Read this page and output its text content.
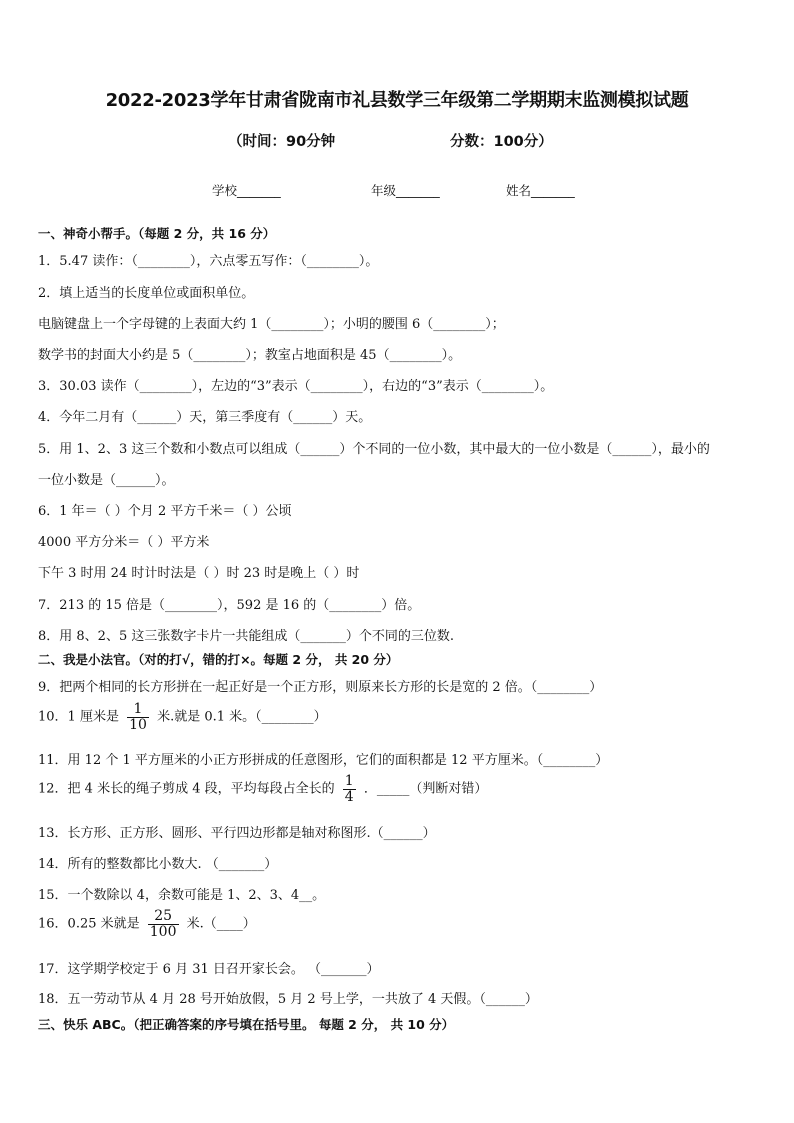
2022-2023学年甘肃省陇南市礼县数学三年级第二学期期末监测模拟试题
（时间：90分钟	分数：100分）
学校_______	年级_______	姓名_______
一、神奇小帮手。（每题 2 分，共 16 分）
1．5.47 读作：（________），六点零五写作：（________）。
2．填上适当的长度单位或面积单位。
电脑键盘上一个字母键的上表面大约 1（________）；小明的腰围 6（________）；
数学书的封面大小约是 5（________）；教室占地面积是 45（________）。
3．30.03 读作（________），左边的“3”表示（________），右边的“3”表示（________）。
4．今年二月有（______）天，第三季度有（______）天。
5．用 1、2、3 这三个数和小数点可以组成（______）个不同的一位小数，其中最大的一位小数是（______），最小的
一位小数是（______）。
6．1 年＝（ ）个月 2 平方千米＝（ ）公顷
4000 平方分米＝（ ）平方米
下午 3 时用 24 时计时法是（ ）时 23 时是晚上（ ）时
7．213 的 15 倍是（________），592 是 16 的（________）倍。
8．用 8、2、5 这三张数字卡片一共能组成（_______）个不同的三位数.
二、我是小法官。（对的打√，错的打×。每题 2 分， 共 20 分）
9．把两个相同的长方形拼在一起正好是一个正方形，则原来长方形的长是宽的 2 倍。（________）
10．1 厘米是 $\frac{1}{10}$ 米.就是 0.1 米。（________）
11．用 12 个 1 平方厘米的小正方形拼成的任意图形，它们的面积都是 12 平方厘米。（________）
12．把 4 米长的绳子剪成 4 段，平均每段占全长的 $\frac{1}{4}$ ．_____（判断对错）
13．长方形、正方形、圆形、平行四边形都是轴对称图形.（______）
14．所有的整数都比小数大. （_______）
15．一个数除以 4，余数可能是 1、2、3、4__。
16．0.25 米就是 $\frac{25}{100}$ 米.（____）
17．这学期学校定于 6 月 31 日召开家长会。 （_______）
18．五一劳动节从 4 月 28 号开始放假，5 月 2 号上学，一共放了 4 天假。（______）
三、快乐 ABC。（把正确答案的序号填在括号里。 每题 2 分， 共 10 分）
